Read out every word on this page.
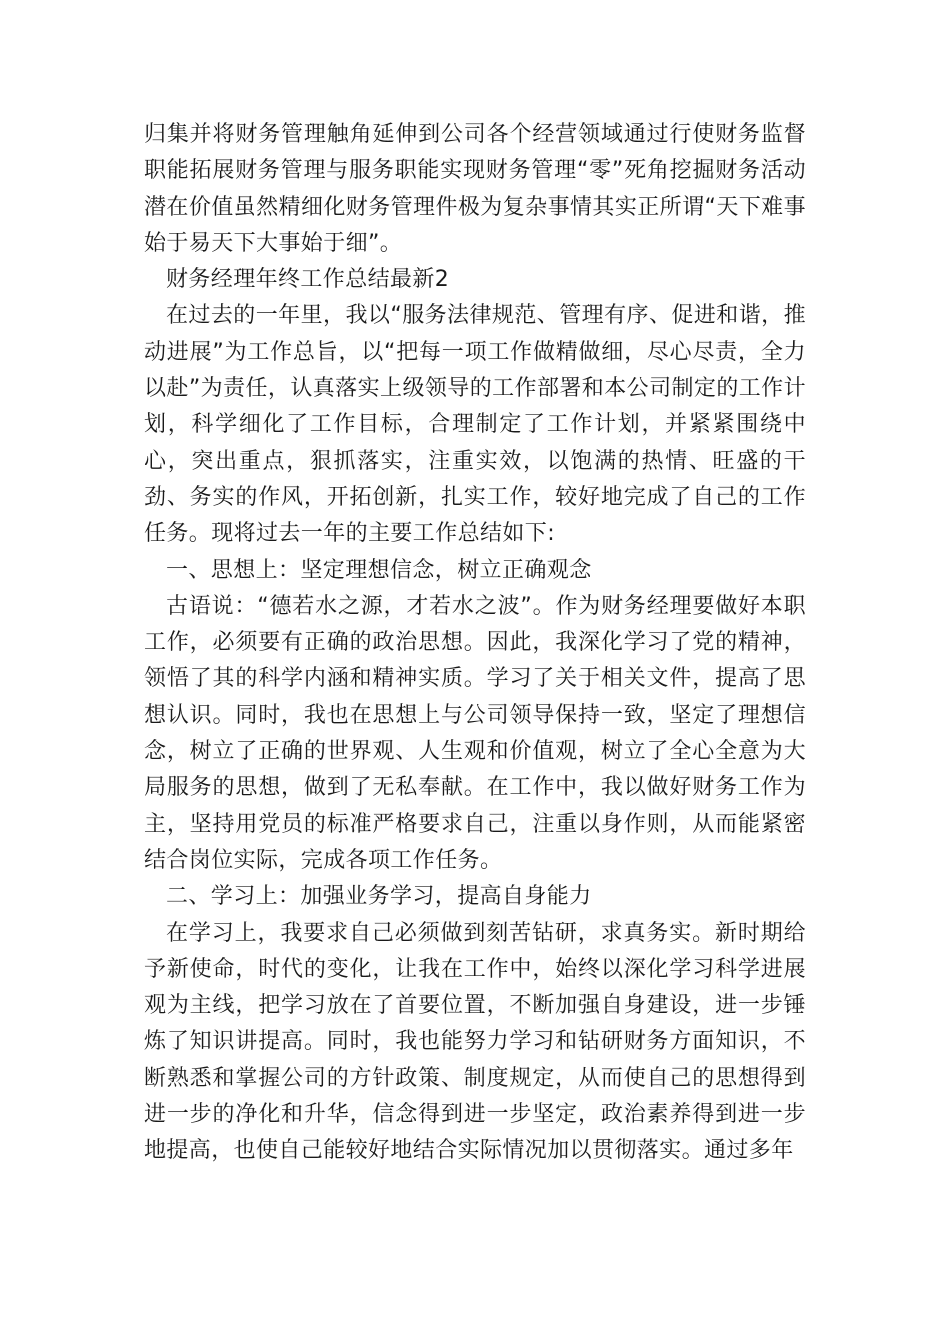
归集并将财务管理触角延伸到公司各个经营领域通过行使财务监督职能拓展财务管理与服务职能实现财务管理“零”死角挖掘财务活动潜在价值虽然精细化财务管理件极为复杂事情其实正所谓“天下难事始于易天下大事始于细”。

财务经理年终工作总结最新2

在过去的一年里，我以“服务法律规范、管理有序、促进和谐，推动进展”为工作总旨，以“把每一项工作做精做细，尽心尽责，全力以赴”为责任，认真落实上级领导的工作部署和本公司制定的工作计划，科学细化了工作目标，合理制定了工作计划，并紧紧围绕中心，突出重点，狠抓落实，注重实效，以饱满的热情、旺盛的干劲、务实的作风，开拓创新，扎实工作，较好地完成了自己的工作任务。现将过去一年的主要工作总结如下:

一、思想上：坚定理想信念，树立正确观念

古语说：“德若水之源，才若水之波”。作为财务经理要做好本职工作，必须要有正确的政治思想。因此，我深化学习了党的精神，领悟了其的科学内涵和精神实质。学习了关于相关文件，提高了思想认识。同时，我也在思想上与公司领导保持一致，坚定了理想信念，树立了正确的世界观、人生观和价值观，树立了全心全意为大局服务的思想，做到了无私奉献。在工作中，我以做好财务工作为主，坚持用党员的标准严格要求自己，注重以身作则，从而能紧密结合岗位实际，完成各项工作任务。

二、学习上：加强业务学习，提高自身能力

在学习上，我要求自己必须做到刻苦钻研，求真务实。新时期给予新使命，时代的变化，让我在工作中，始终以深化学习科学进展观为主线，把学习放在了首要位置，不断加强自身建设，进一步锤炼了知识讲提高。同时，我也能努力学习和钻研财务方面知识，不断熟悉和掌握公司的方针政策、制度规定，从而使自己的思想得到进一步的净化和升华，信念得到进一步坚定，政治素养得到进一步地提高，也使自己能较好地结合实际情况加以贯彻落实。通过多年
